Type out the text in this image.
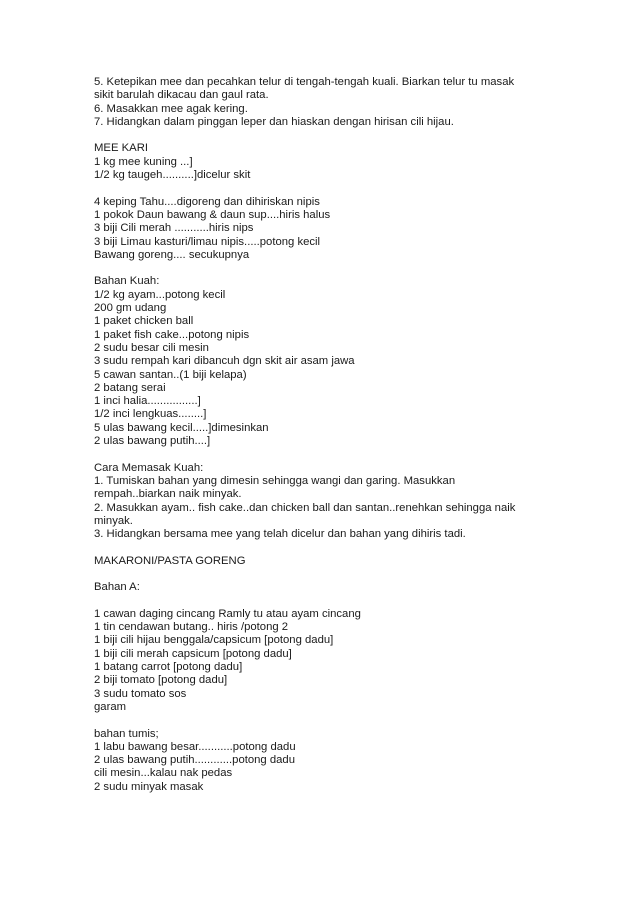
5. Ketepikan mee dan pecahkan telur di tengah-tengah kuali. Biarkan telur tu masak
sikit barulah dikacau dan gaul rata.
6. Masakkan mee agak kering.
7. Hidangkan dalam pinggan leper dan hiaskan dengan hirisan cili hijau.
MEE KARI
1 kg mee kuning ...]
1/2 kg taugeh..........]dicelur skit
4 keping Tahu....digoreng dan dihiriskan nipis
1 pokok Daun bawang & daun sup....hiris halus
3 biji Cili merah ...........hiris nips
3 biji Limau kasturi/limau nipis.....potong kecil
Bawang goreng.... secukupnya
Bahan Kuah:
1/2 kg ayam...potong kecil
200 gm udang
1 paket chicken ball
1 paket fish cake...potong nipis
2 sudu besar cili mesin
3 sudu rempah kari dibancuh dgn skit air asam jawa
5 cawan santan..(1 biji kelapa)
2 batang serai
1 inci halia................]
1/2 inci lengkuas........]
5 ulas bawang kecil.....]dimesinkan
2 ulas bawang putih....]
Cara Memasak Kuah:
1. Tumiskan bahan yang dimesin sehingga wangi dan garing. Masukkan
rempah..biarkan naik minyak.
2. Masukkan ayam.. fish cake..dan chicken ball dan santan..renehkan sehingga naik
minyak.
3. Hidangkan bersama mee yang telah dicelur dan bahan yang dihiris tadi.
MAKARONI/PASTA GORENG
Bahan A:
1 cawan daging cincang Ramly tu atau ayam cincang
1 tin cendawan butang.. hiris /potong 2
1 biji cili hijau benggala/capsicum [potong dadu]
1 biji cili merah capsicum [potong dadu]
1 batang carrot [potong dadu]
2 biji tomato [potong dadu]
3 sudu tomato sos
garam
bahan tumis;
1 labu bawang besar...........potong dadu
2 ulas bawang putih............potong dadu
cili mesin...kalau nak pedas
2 sudu minyak masak
